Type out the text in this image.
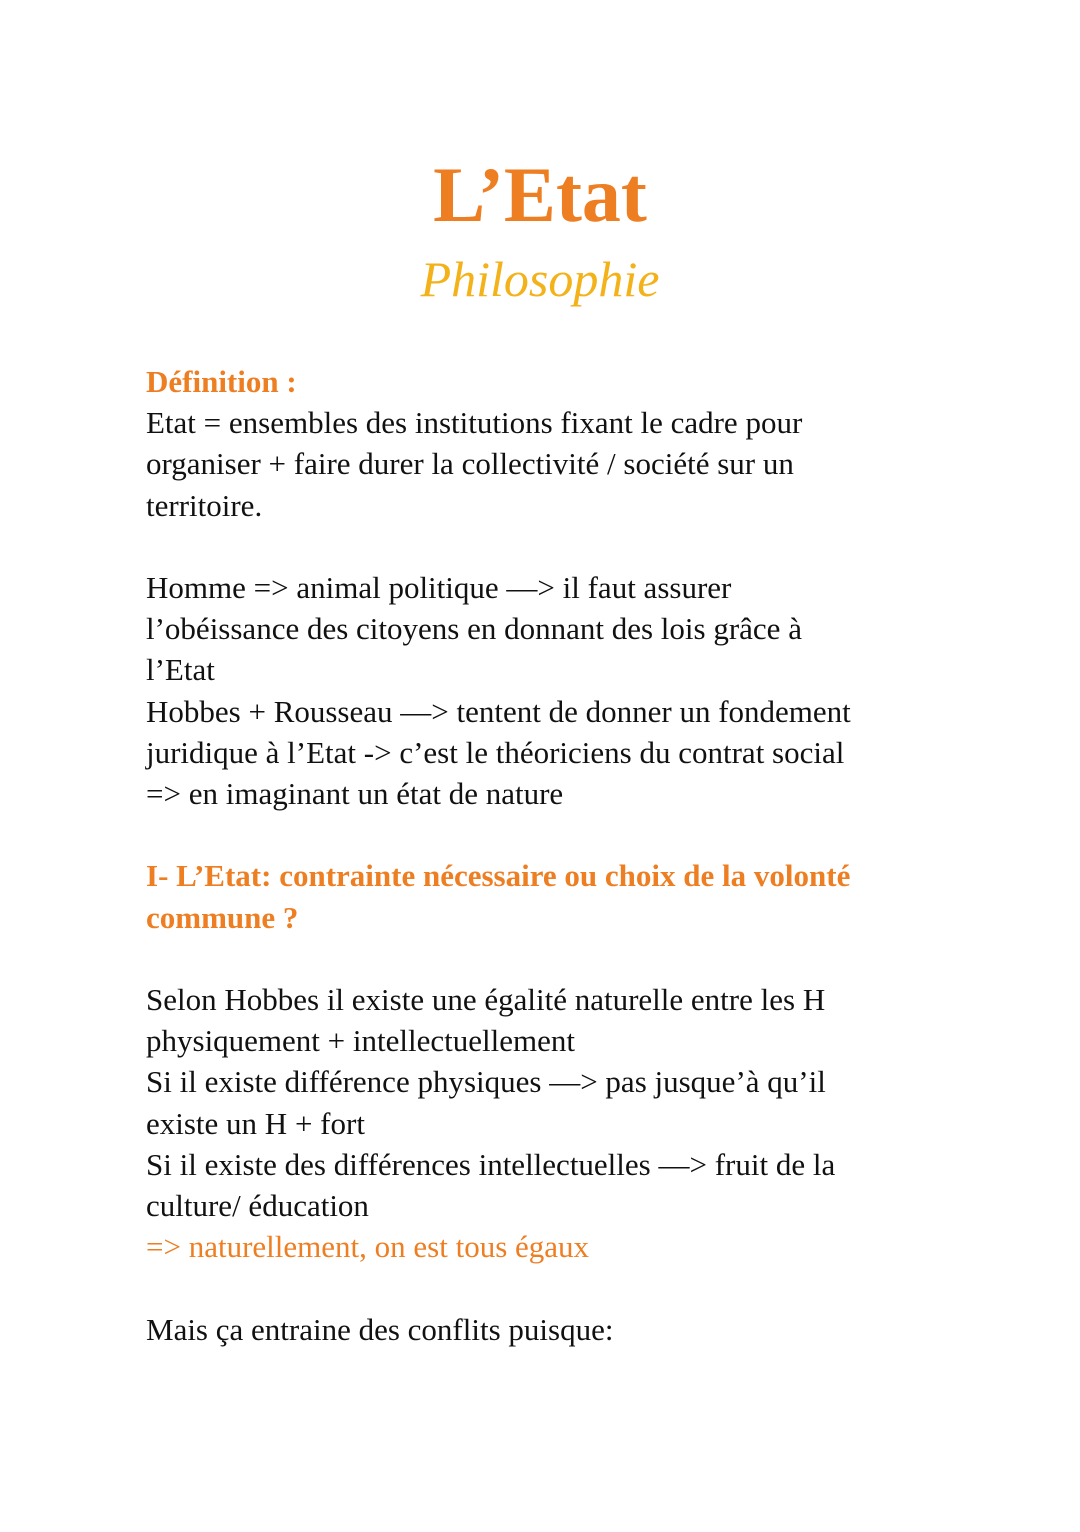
L’Etat
Philosophie

Définition :

Etat = ensembles des institutions fixant le cadre pour

organiser + faire durer la collectivité / société sur un

territoire.

Homme => animal politique —> il faut assurer

l’obéissance des citoyens en donnant des lois grâce à

l’Etat

Hobbes + Rousseau —> tentent de donner un fondement

juridique à l’Etat -> c’est le théoriciens du contrat social

=> en imaginant un état de nature

I- L’Etat: contrainte nécessaire ou choix de la volonté

commune ?

Selon Hobbes il existe une égalité naturelle entre les H

physiquement + intellectuellement

Si il existe différence physiques —> pas jusque’à qu’il

existe un H + fort

Si il existe des différences intellectuelles —> fruit de la

culture/ éducation

=> naturellement, on est tous égaux

Mais ça entraine des conflits puisque:
